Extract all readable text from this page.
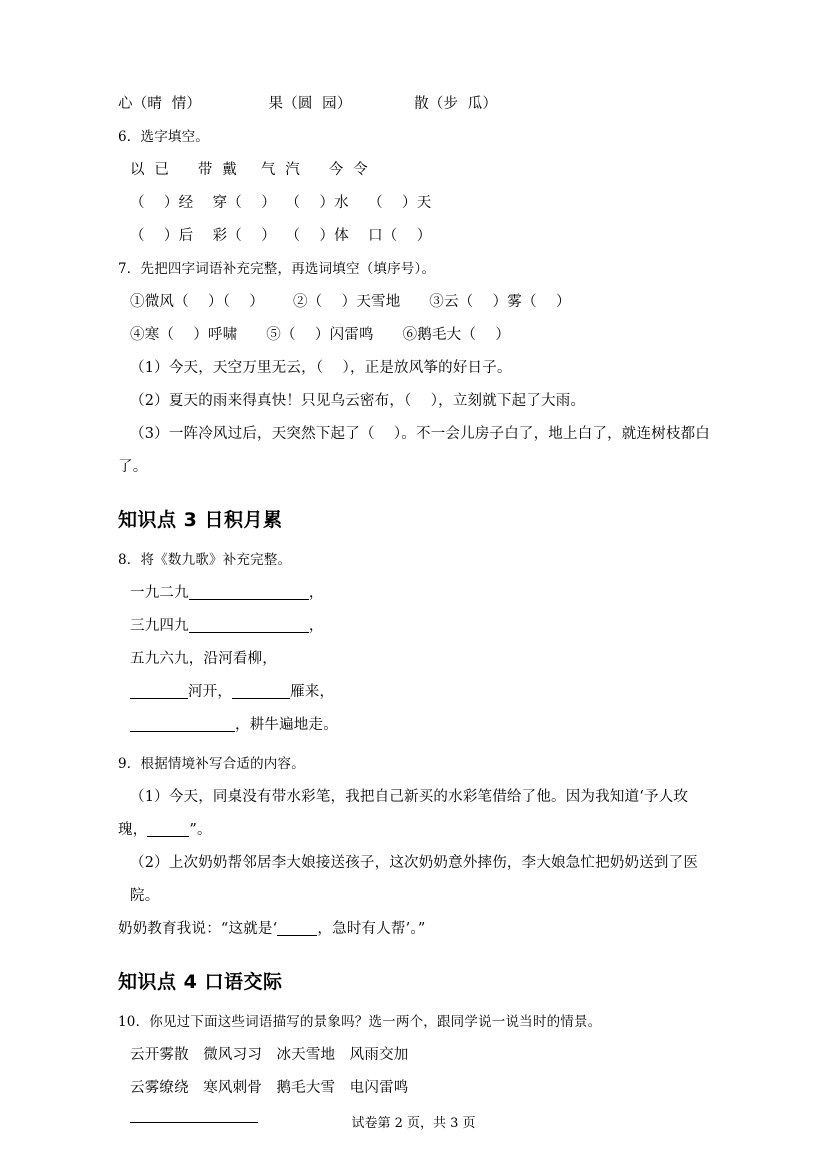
心（晴  情）              果（圆  园）             散（步  瓜）
6．选字填空。
以  已      带  戴     气  汽      今  令
（    ）经    穿（    ）  （    ）水    （    ）天
（    ）后    彩（    ）  （    ）体    口（    ）
7．先把四字词语补充完整，再选词填空（填序号）。
①微风（    ）（    ）      ②（    ）天雪地      ③云（    ）雾（    ）
④寒（    ）呼啸      ⑤（    ）闪雷鸣      ⑥鹅毛大（    ）
（1）今天，天空万里无云，（    ），正是放风筝的好日子。
（2）夏天的雨来得真快！只见乌云密布，（    ），立刻就下起了大雨。
（3）一阵冷风过后，天突然下起了（    ）。不一会儿房子白了，地上白了，就连树枝都白
了。
知识点 3 日积月累
8．将《数九歌》补充完整。
一九二九	，
三九四九	，
五九六九，沿河看柳，
河开，	雁来，
，耕牛遍地走。
9．根据情境补写合适的内容。
（1）今天，同桌没有带水彩笔，我把自己新买的水彩笔借给了他。因为我知道‘予人玫
瑰，	”。
（2）上次奶奶帮邻居李大娘接送孩子，这次奶奶意外摔伤，李大娘急忙把奶奶送到了医院。
奶奶教育我说：“这就是‘	，急时有人帮’。”
知识点 4 口语交际
10．你见过下面这些词语描写的景象吗？选一两个，跟同学说一说当时的情景。
云开雾散   微风习习   冰天雪地   风雨交加
云雾缭绕   寒风刺骨   鹅毛大雪   电闪雷鸣
试卷第 2 页，共 3 页
